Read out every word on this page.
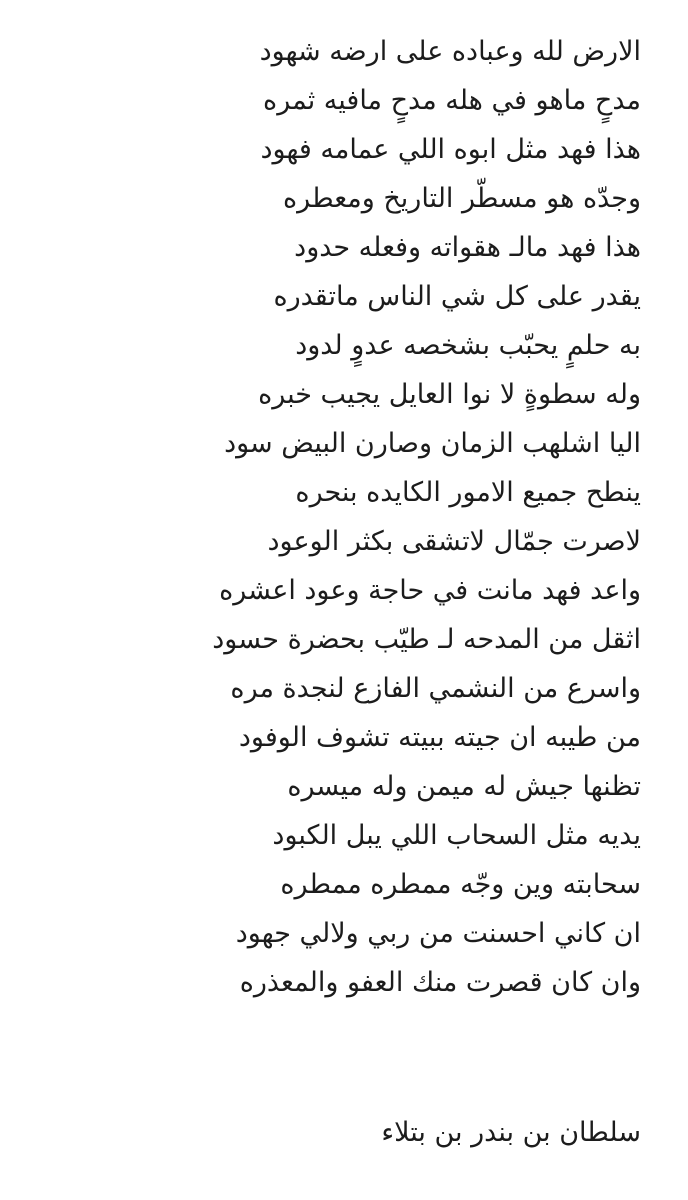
الارض لله وعباده على ارضه شهود
مدحٍ ماهو في هله مدحٍ مافيه ثمره
هذا فهد مثل ابوه اللي عمامه فهود
وجدّه هو مسطّر التاريخ ومعطره
هذا فهد مالـ هقواته وفعله حدود
يقدر على كل شي الناس ماتقدره
به حلمٍ يحبّب بشخصه عدوٍ لدود
وله سطوةٍ لا نوا العايل يجيب خبره
اليا اشلهب الزمان وصارن البيض سود
ينطح جميع الامور الكايده بنحره
لاصرت جمّال لاتشقى بكثر الوعود
واعد فهد مانت في حاجة وعود اعشره
اثقل من المدحه لـ طيّب بحضرة حسود
واسرع من النشمي الفازع لنجدة مره
من طيبه ان جيته ببيته تشوف الوفود
تظنها جيش له ميمن وله ميسره
يديه مثل السحاب اللي يبل الكبود
سحابته وين وجّه ممطره ممطره
ان كاني احسنت من ربي ولالي جهود
وان كان قصرت منك العفو والمعذره
سلطان بن بندر بن بتلاء
